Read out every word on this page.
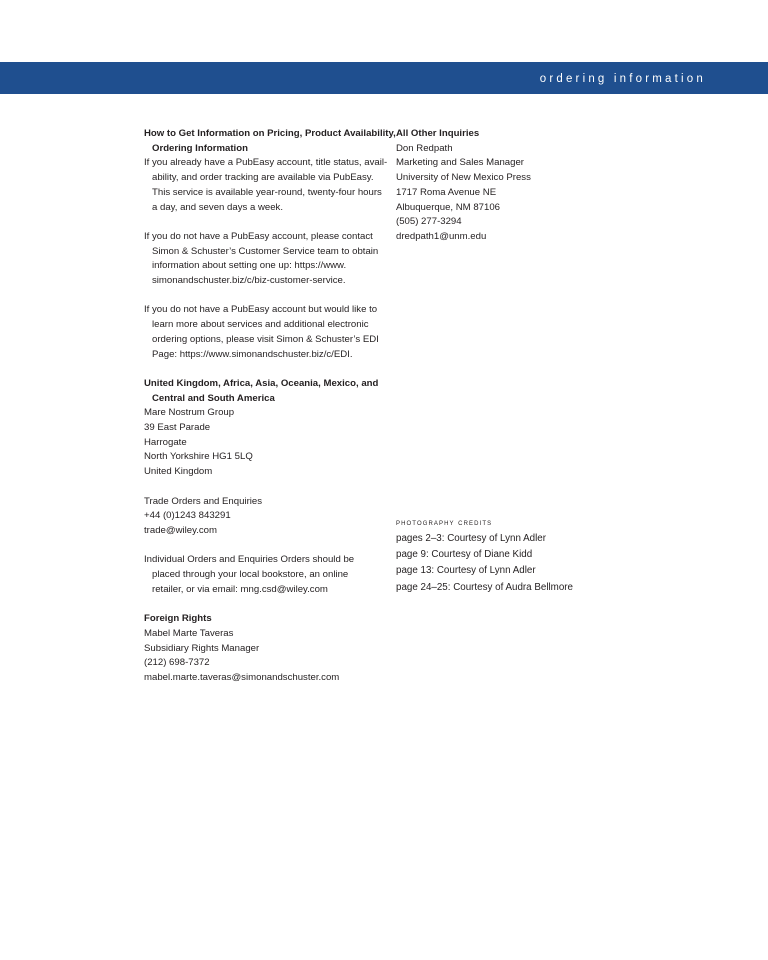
ordering information
How to Get Information on Pricing, Product Availability,
Ordering Information
If you already have a PubEasy account, title status, avail-
ability, and order tracking are available via PubEasy.
This service is available year-round, twenty-four hours
a day, and seven days a week.
If you do not have a PubEasy account, please contact
Simon & Schuster’s Customer Service team to obtain
information about setting one up: https://www.
simonandschuster.biz/c/biz-customer-service.
If you do not have a PubEasy account but would like to
learn more about services and additional electronic
ordering options, please visit Simon & Schuster’s EDI
Page: https://www.simonandschuster.biz/c/EDI.
United Kingdom, Africa, Asia, Oceania, Mexico, and
Central and South America
Mare Nostrum Group
39 East Parade
Harrogate
North Yorkshire HG1 5LQ
United Kingdom
Trade Orders and Enquiries
+44 (0)1243 843291
trade@wiley.com
Individual Orders and Enquiries Orders should be
placed through your local bookstore, an online
retailer, or via email: mng.csd@wiley.com
Foreign Rights
Mabel Marte Taveras
Subsidiary Rights Manager
(212) 698-7372
mabel.marte.taveras@simonandschuster.com
All Other Inquiries
Don Redpath
Marketing and Sales Manager
University of New Mexico Press
1717 Roma Avenue NE
Albuquerque, NM 87106
(505) 277-3294
dredpath1@unm.edu
photography credits
pages 2–3: Courtesy of Lynn Adler
page 9: Courtesy of Diane Kidd
page 13: Courtesy of Lynn Adler
page 24–25: Courtesy of Audra Bellmore
